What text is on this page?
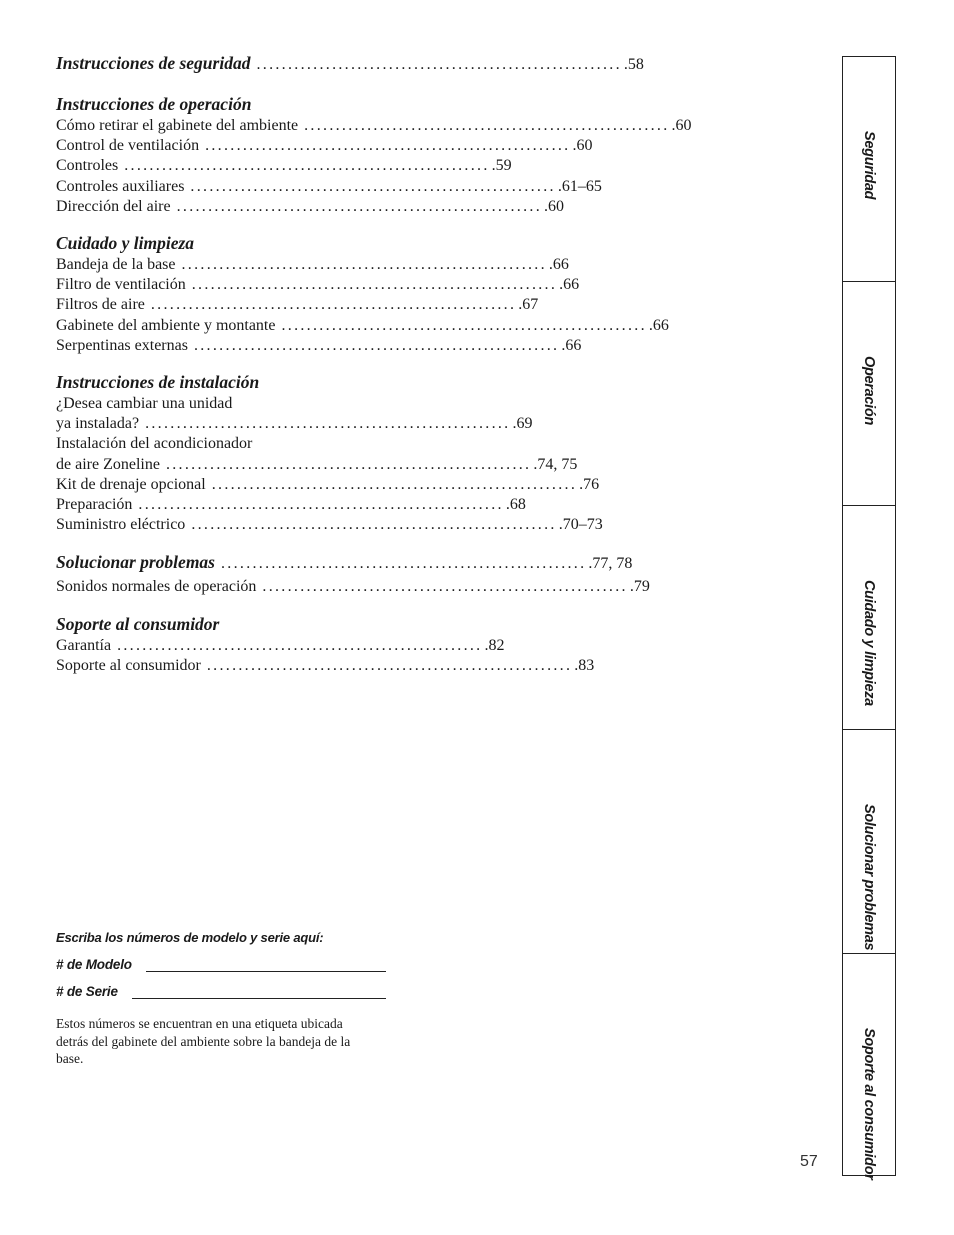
Instrucciones de seguridad .......................................................... .58
Instrucciones de operación
Cómo retirar el gabinete del ambiente .......................................................... .60
Control de ventilación .......................................................... .60
Controles .......................................................... .59
Controles auxiliares .......................................................... .61–65
Dirección del aire .......................................................... .60
Cuidado y limpieza
Bandeja de la base .......................................................... .66
Filtro de ventilación .......................................................... .66
Filtros de aire .......................................................... .67
Gabinete del ambiente y montante .......................................................... .66
Serpentinas externas .......................................................... .66
Instrucciones de instalación
¿Desea cambiar una unidad
ya instalada? .......................................................... .69
Instalación del acondicionador
de aire Zoneline .......................................................... .74, 75
Kit de drenaje opcional .......................................................... .76
Preparación .......................................................... .68
Suministro eléctrico .......................................................... .70–73
Solucionar problemas .......................................................... .77, 78
Sonidos normales de operación .......................................................... .79
Soporte al consumidor
Garantía .......................................................... .82
Soporte al consumidor .......................................................... .83
Escriba los números de modelo y serie aquí:
# de Modelo
# de Serie
Estos números se encuentran en una etiqueta ubicada detrás del gabinete del ambiente sobre la bandeja de la base.
57
Seguridad
Operación
Cuidado y limpieza
Solucionar problemas
Soporte al consumidor
